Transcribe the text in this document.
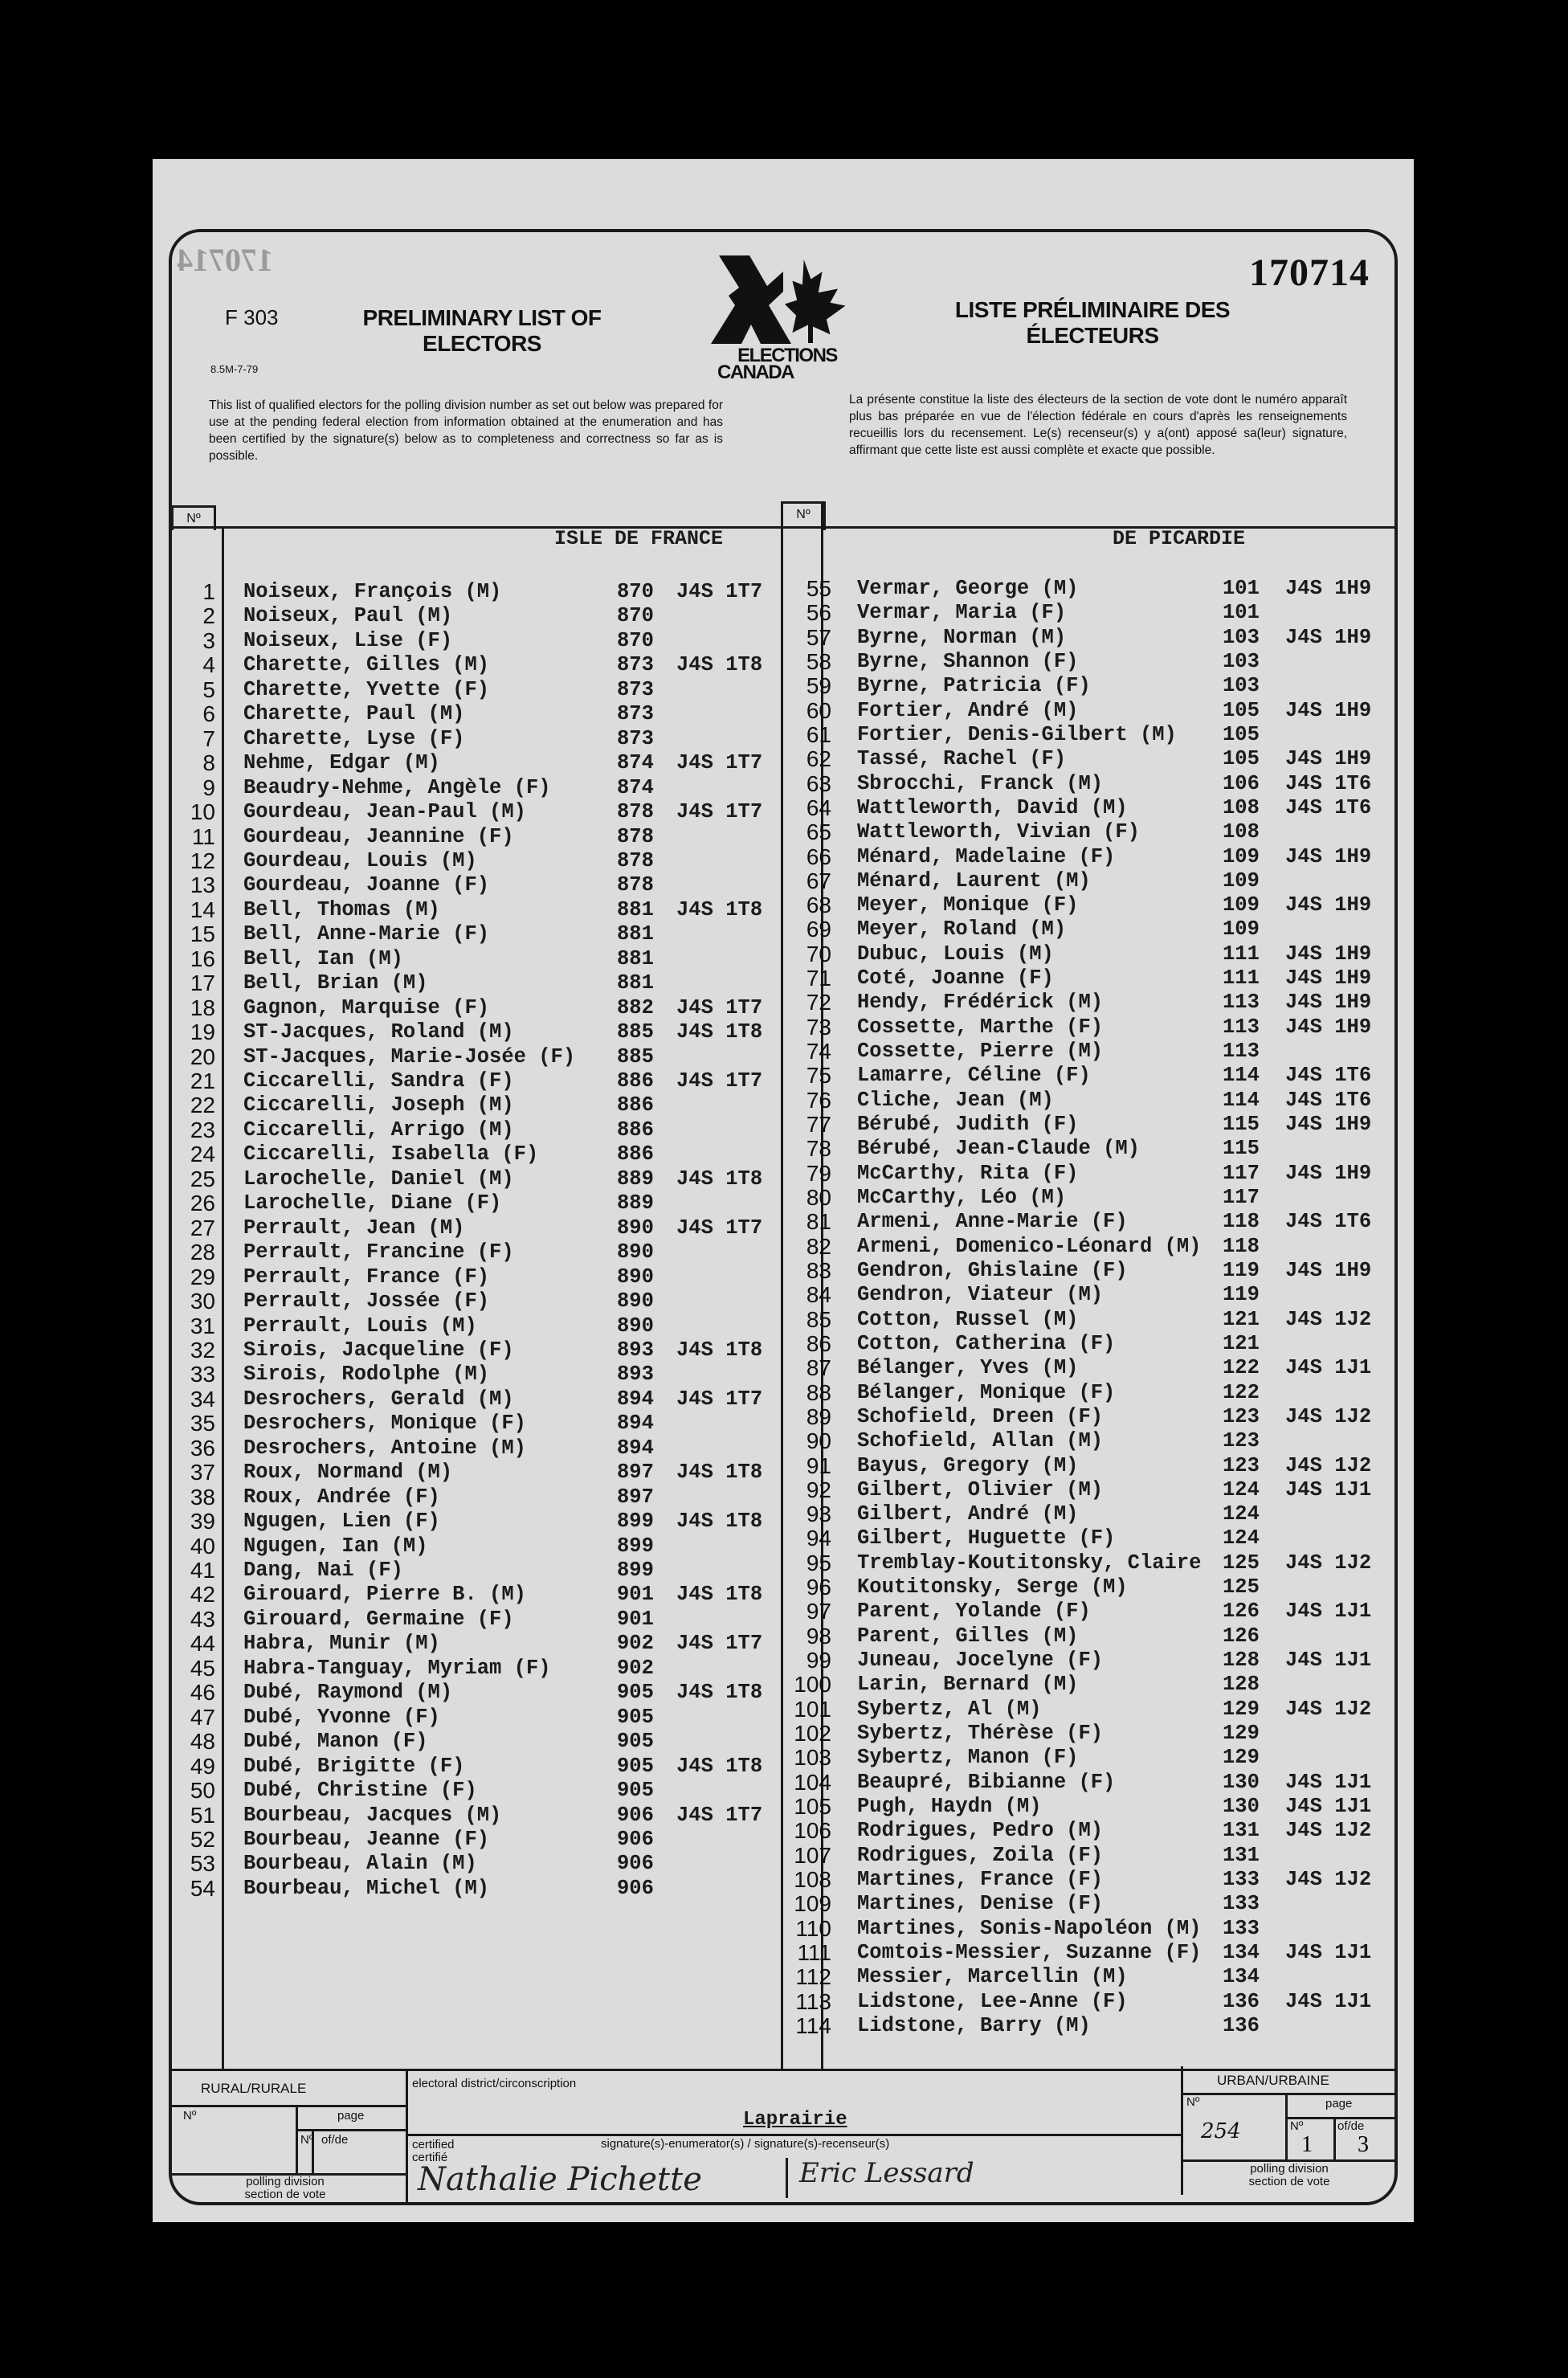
170714	170714
F 303
8.5M-7-79
PRELIMINARY LIST OF
ELECTORS
LISTE PRÉLIMINAIRE DES
ÉLECTEURS
ELECTIONS
CANADA
This list of qualified electors for the polling division number as set out below was prepared for use at the pending federal election from information obtained at the enumeration and has been certified by the signature(s) below as to completeness and correctness so far as is possible.
La présente constitue la liste des électeurs de la section de vote dont le numéro apparaît plus bas préparée en vue de l'élection fédérale en cours d'après les renseignements recueillis lors du recensement. Le(s) recenseur(s) y a(ont) apposé sa(leur) signature, affirmant que cette liste est aussi complète et exacte que possible.
Nº	Nº
ISLE DE FRANCE	DE PICARDIE
1 Noiseux, François (M)	870 J4S 1T7
2 Noiseux, Paul (M)	870
3 Noiseux, Lise (F)	870
4 Charette, Gilles (M)	873 J4S 1T8
5 Charette, Yvette (F)	873
6 Charette, Paul (M)	873
7 Charette, Lyse (F)	873
8 Nehme, Edgar (M)	874 J4S 1T7
9 Beaudry-Nehme, Angèle (F)	874
10 Gourdeau, Jean-Paul (M)	878 J4S 1T7
11 Gourdeau, Jeannine (F)	878
12 Gourdeau, Louis (M)	878
13 Gourdeau, Joanne (F)	878
14 Bell, Thomas (M)	881 J4S 1T8
15 Bell, Anne-Marie (F)	881
16 Bell, Ian (M)	881
17 Bell, Brian (M)	881
18 Gagnon, Marquise (F)	882 J4S 1T7
19 ST-Jacques, Roland (M)	885 J4S 1T8
20 ST-Jacques, Marie-Josée (F) 885
21 Ciccarelli, Sandra (F)	886 J4S 1T7
22 Ciccarelli, Joseph (M)	886
23 Ciccarelli, Arrigo (M)	886
24 Ciccarelli, Isabella (F)	886
25 Larochelle, Daniel (M)	889 J4S 1T8
26 Larochelle, Diane (F)	889
27 Perrault, Jean (M)	890 J4S 1T7
28 Perrault, Francine (F)	890
29 Perrault, France (F)	890
30 Perrault, Jossée (F)	890
31 Perrault, Louis (M)	890
32 Sirois, Jacqueline (F)	893 J4S 1T8
33 Sirois, Rodolphe (M)	893
34 Desrochers, Gerald (M)	894 J4S 1T7
35 Desrochers, Monique (F)	894
36 Desrochers, Antoine (M)	894
37 Roux, Normand (M)	897 J4S 1T8
38 Roux, Andrée (F)	897
39 Ngugen, Lien (F)	899 J4S 1T8
40 Ngugen, Ian (M)	899
41 Dang, Nai (F)	899
42 Girouard, Pierre B. (M)	901 J4S 1T8
43 Girouard, Germaine (F)	901
44 Habra, Munir (M)	902 J4S 1T7
45 Habra-Tanguay, Myriam (F)	902
46 Dubé, Raymond (M)	905 J4S 1T8
47 Dubé, Yvonne (F)	905
48 Dubé, Manon (F)	905
49 Dubé, Brigitte (F)	905 J4S 1T8
50 Dubé, Christine (F)	905
51 Bourbeau, Jacques (M)	906 J4S 1T7
52 Bourbeau, Jeanne (F)	906
53 Bourbeau, Alain (M)	906
54 Bourbeau, Michel (M)	906
55 Vermar, George (M)	101 J4S 1H9
56 Vermar, Maria (F)	101
57 Byrne, Norman (M)	103 J4S 1H9
58 Byrne, Shannon (F)	103
59 Byrne, Patricia (F)	103
60 Fortier, André (M)	105 J4S 1H9
61 Fortier, Denis-Gilbert (M) 105
62 Tassé, Rachel (F)	105 J4S 1H9
63 Sbrocchi, Franck (M)	106 J4S 1T6
64 Wattleworth, David (M)	108 J4S 1T6
65 Wattleworth, Vivian (F)	108
66 Ménard, Madelaine (F)	109 J4S 1H9
67 Ménard, Laurent (M)	109
68 Meyer, Monique (F)	109 J4S 1H9
69 Meyer, Roland (M)	109
70 Dubuc, Louis (M)	111 J4S 1H9
71 Coté, Joanne (F)	111 J4S 1H9
72 Hendy, Frédérick (M)	113 J4S 1H9
73 Cossette, Marthe (F)	113 J4S 1H9
74 Cossette, Pierre (M)	113
75 Lamarre, Céline (F)	114 J4S 1T6
76 Cliche, Jean (M)	114 J4S 1T6
77 Bérubé, Judith (F)	115 J4S 1H9
78 Bérubé, Jean-Claude (M)	115
79 McCarthy, Rita (F)	117 J4S 1H9
80 McCarthy, Léo (M)	117
81 Armeni, Anne-Marie (F)	118 J4S 1T6
82 Armeni, Domenico-Léonard (M) 118
83 Gendron, Ghislaine (F)	119 J4S 1H9
84 Gendron, Viateur (M)	119
85 Cotton, Russel (M)	121 J4S 1J2
86 Cotton, Catherina (F)	121
87 Bélanger, Yves (M)	122 J4S 1J1
88 Bélanger, Monique (F)	122
89 Schofield, Dreen (F)	123 J4S 1J2
90 Schofield, Allan (M)	123
91 Bayus, Gregory (M)	123 J4S 1J2
92 Gilbert, Olivier (M)	124 J4S 1J1
93 Gilbert, André (M)	124
94 Gilbert, Huguette (F)	124
95 Tremblay-Koutitonsky, Claire 125 J4S 1J2
96 Koutitonsky, Serge (M)	125
97 Parent, Yolande (F)	126 J4S 1J1
98 Parent, Gilles (M)	126
99 Juneau, Jocelyne (F)	128 J4S 1J1
100 Larin, Bernard (M)	128
101 Sybertz, Al (M)	129 J4S 1J2
102 Sybertz, Thérèse (F)	129
103 Sybertz, Manon (F)	129
104 Beaupré, Bibianne (F)	130 J4S 1J1
105 Pugh, Haydn (M)	130 J4S 1J1
106 Rodrigues, Pedro (M)	131 J4S 1J2
107 Rodrigues, Zoila (F)	131
108 Martines, France (F)	133 J4S 1J2
109 Martines, Denise (F)	133
110 Martines, Sonis-Napoléon (M) 133
111 Comtois-Messier, Suzanne (F) 134 J4S 1J1
112 Messier, Marcellin (M)	134
113 Lidstone, Lee-Anne (F)	136 J4S 1J1
114 Lidstone, Barry (M)	136
RURAL/RURALE
Nº	page
Nº of/de
polling division
section de vote
electoral district/circonscription
Laprairie
certified
certifié
signature(s)-enumerator(s) / signature(s)-recenseur(s)
Nathalie Pichette	Eric Lessard
URBAN/URBAINE
Nº	page
254	Nº	of/de
1 3
polling division
section de vote
